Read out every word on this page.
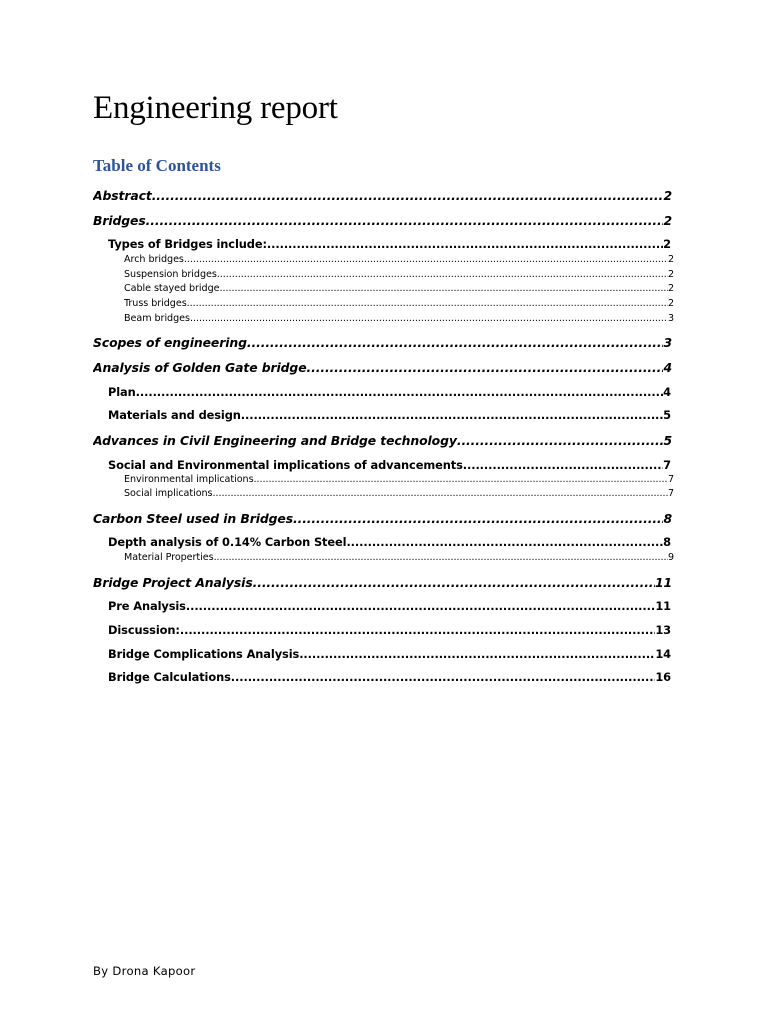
Engineering report
Table of Contents
Abstract .....	2
Bridges .....	2
Types of Bridges include: .....	2
Arch bridges .....	2
Suspension bridges .....	2
Cable stayed bridge .....	2
Truss bridges .....	2
Beam bridges .....	3
Scopes of engineering .....	3
Analysis of Golden Gate bridge .....	4
Plan .....	4
Materials and design .....	5
Advances in Civil Engineering and Bridge technology .....	5
Social and Environmental implications of advancements .....	7
Environmental implications .....	7
Social implications .....	7
Carbon Steel used in Bridges .....	8
Depth analysis of 0.14% Carbon Steel .....	8
Material Properties .....	9
Bridge Project Analysis .....	11
Pre Analysis .....	11
Discussion: .....	13
Bridge Complications Analysis .....	14
Bridge Calculations .....	16
By Drona Kapoor
